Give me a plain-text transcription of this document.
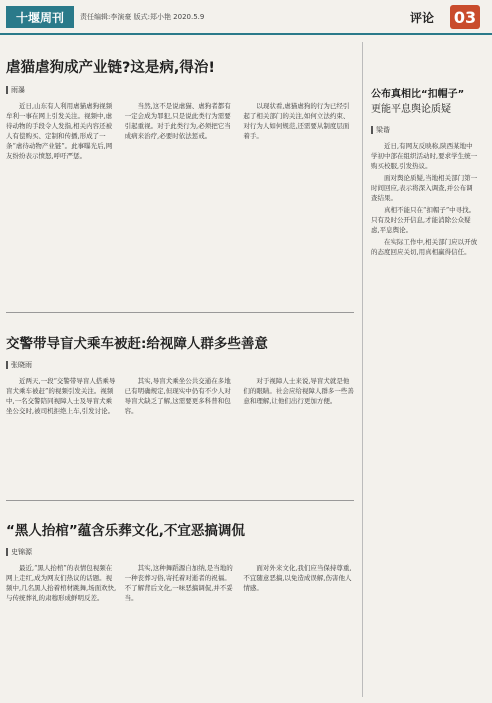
十堰周刊	责任编辑:李演豪 版式:郑小艳 2020.5.9	评论 03
虐猫虐狗成产业链?这是病,得治!
雨瀑

近日,山东有人利用虐猫虐狗视频牟利一事在网上引发关注。视频中,虐待动物的手段令人发指,相关内容还被人有偿购买、定制和传播,形成了一条“虐待动物产业链”。此事曝光后,网友纷纷表示愤怒,呼吁严惩。

当然,这不是说虐猫、虐狗者都有一定会成为罪犯,只是说此类行为需要引起重视。对于此类行为,必须把它当成病来治疗,必要时依法惩戒。

以现状看,虐猫虐狗的行为已经引起了相关部门的关注,如何立法约束、对行为人如何规范,还需要从制度层面着手。

交警带导盲犬乘车被赶:给视障人群多些善意
张晓雨

近两天,一段“交警带导盲人搭乘导盲犬乘车被赶”的视频引发关注。视频中,一名交警陪同视障人士及导盲犬乘坐公交时,被司机拒绝上车,引发讨论。

其实,导盲犬乘坐公共交通在多地已有明确规定,但现实中仍有不少人对导盲犬缺乏了解,这需要更多科普和包容。

对于视障人士来说,导盲犬就是他们的眼睛。社会应给视障人群多一些善意和理解,让他们出行更加方便。

“黑人抬棺”蕴含乐葬文化,不宜恶搞调侃
史锦源

最近,“黑人抬棺”的表情包视频在网上走红,成为网友们热议的话题。视频中,几名黑人抬着棺材跳舞,场面欢快,与传统葬礼的肃穆形成鲜明反差。

其实,这种舞蹈源自加纳,是当地的一种丧葬习俗,寄托着对逝者的祝福。不了解背后文化,一味恶搞调侃,并不妥当。

面对外来文化,我们应当保持尊重,不宜随意恶搞,以免造成误解,伤害他人情感。

公布真相比“扣帽子”
更能平息舆论质疑
梁谐

近日,有网友反映称,陕西某地中学初中部在组织活动时,要求学生统一购买校服,引发热议。

面对舆论质疑,当地相关部门第一时间回应,表示将深入调查,并公布调查结果。

真相不能只在“扣帽子”中寻找。只有及时公开信息,才能消除公众疑虑,平息舆论。

在实际工作中,相关部门应以开放的态度回应关切,用真相赢得信任。
